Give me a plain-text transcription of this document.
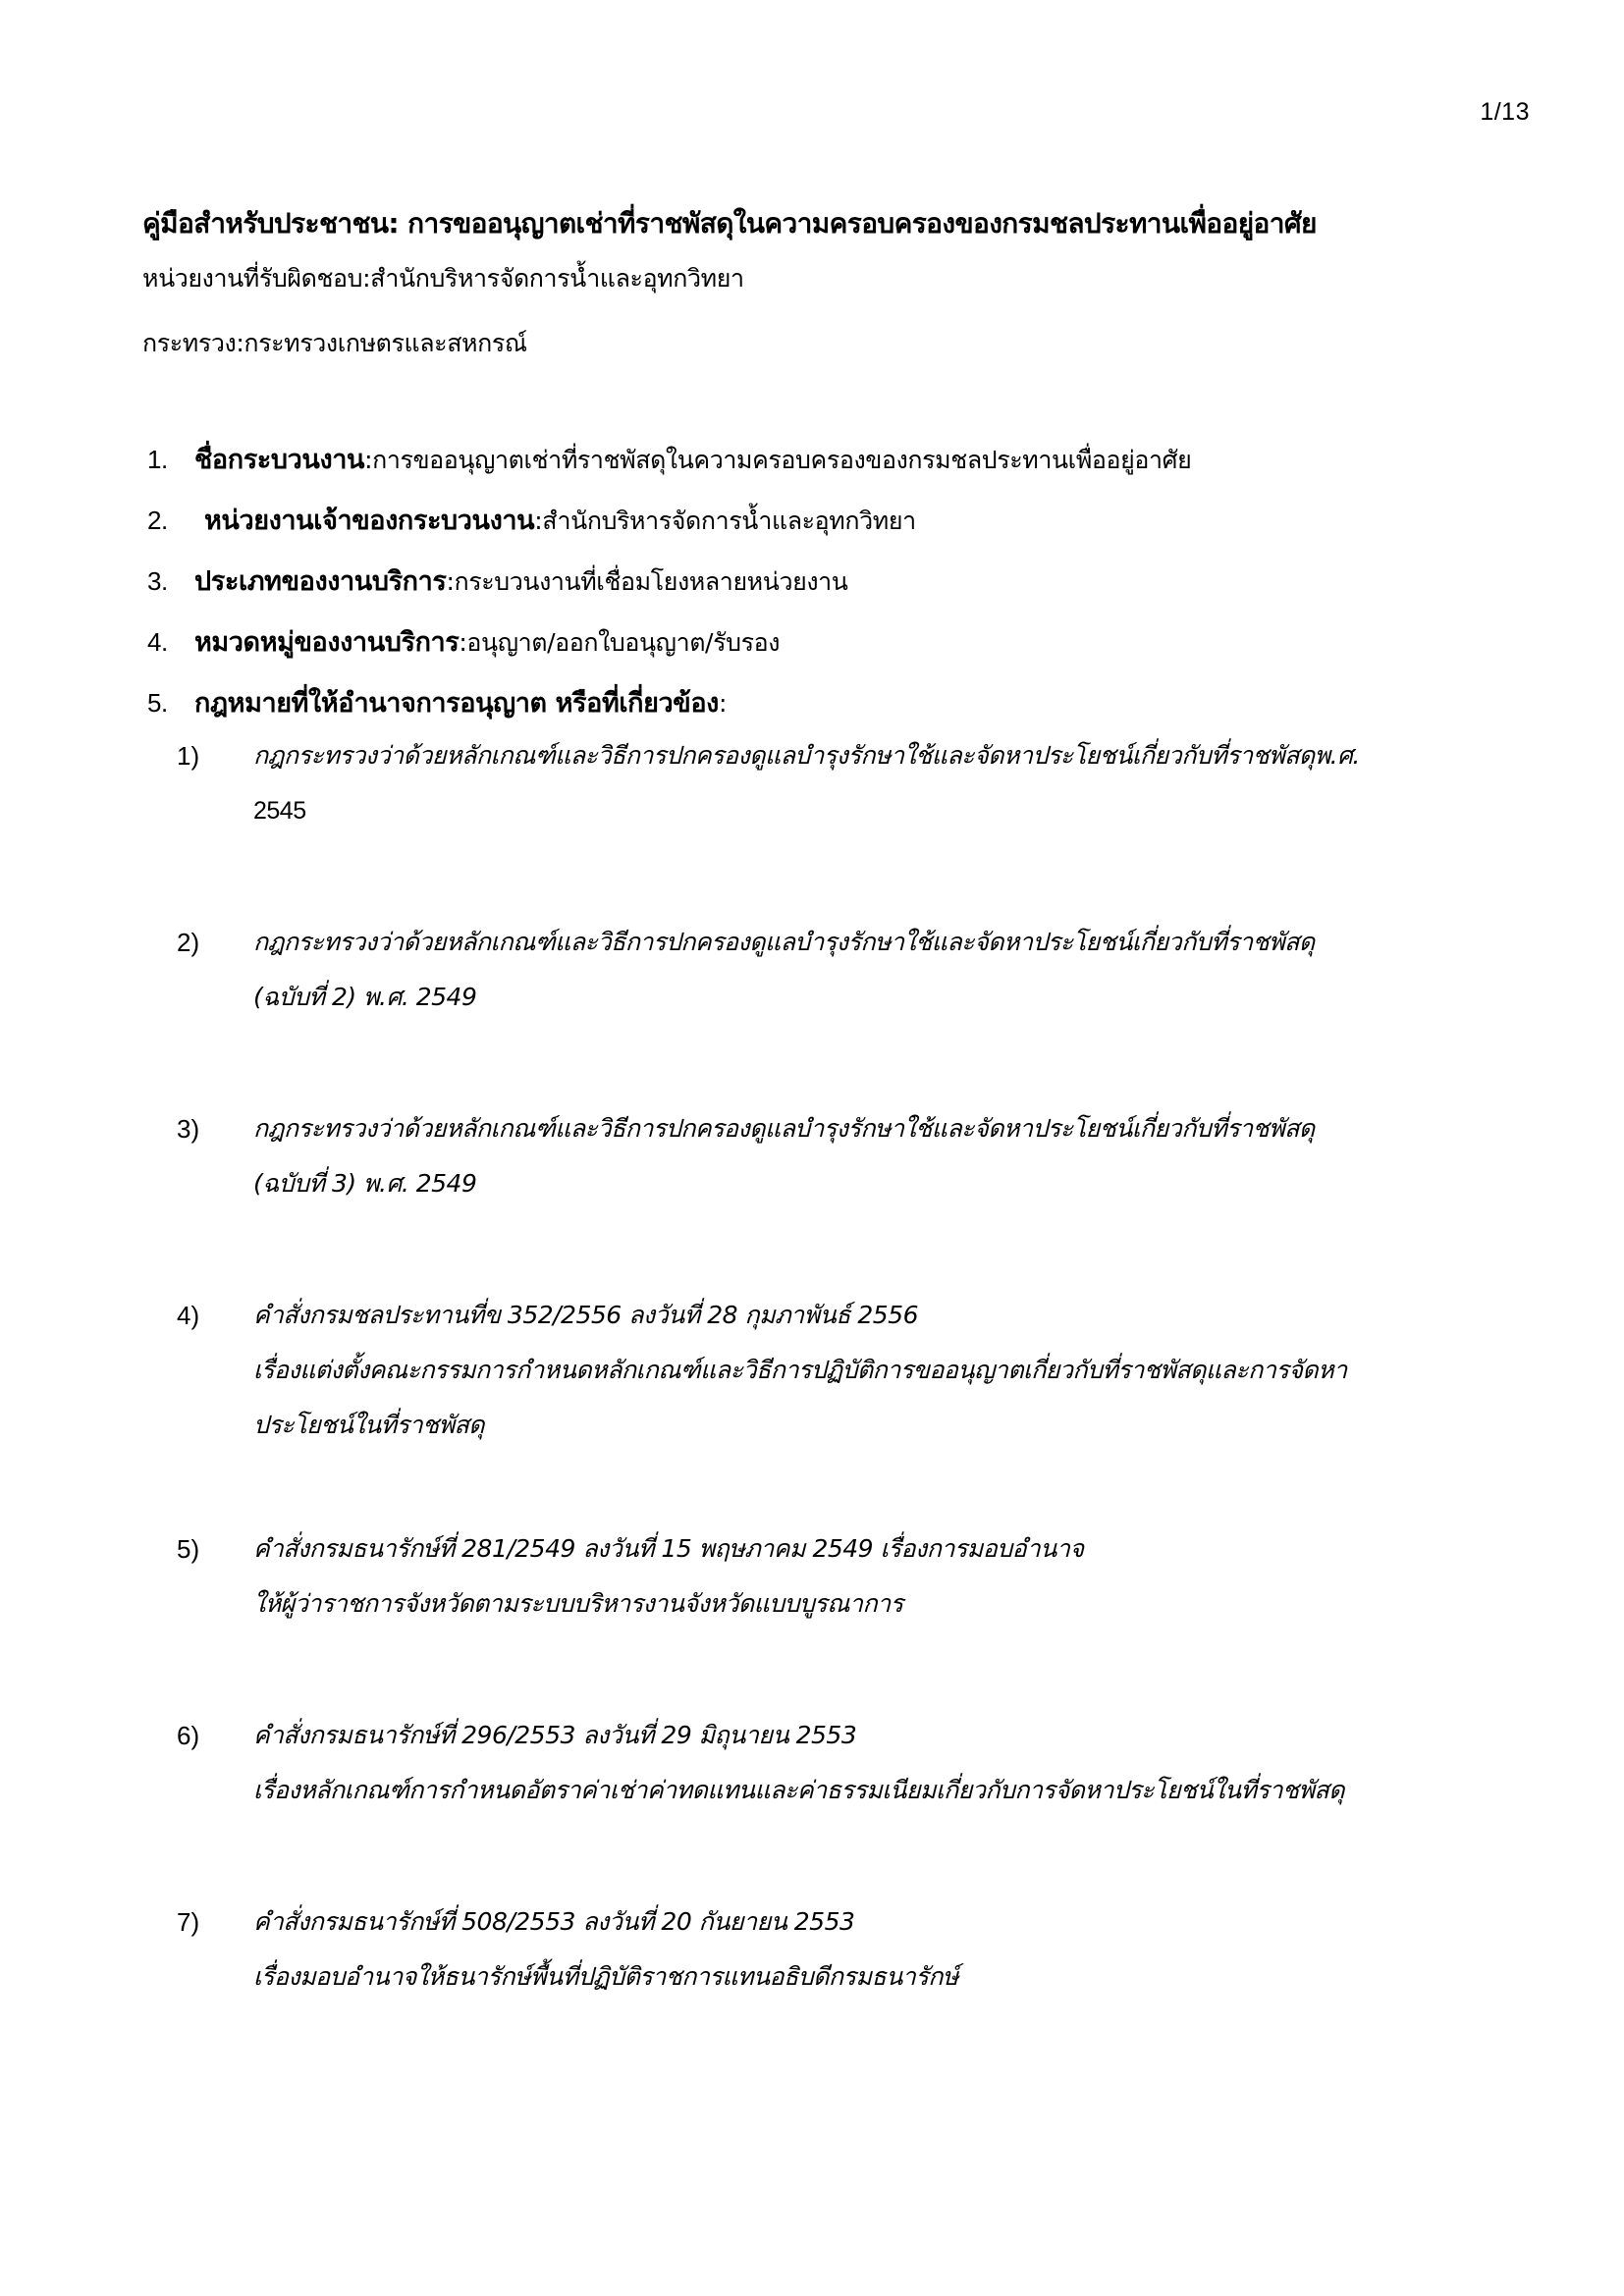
1/13
คู่มือสำหรับประชาชน: การขออนุญาตเช่าที่ราชพัสดุในความครอบครองของกรมชลประทานเพื่ออยู่อาศัย
หน่วยงานที่รับผิดชอบ:สำนักบริหารจัดการน้ำและอุทกวิทยา
กระทรวง:กระทรวงเกษตรและสหกรณ์
1.	ชื่อกระบวนงาน :การขออนุญาตเช่าที่ราชพัสดุในความครอบครองของกรมชลประทานเพื่ออยู่อาศัย
2.	หน่วยงานเจ้าของกระบวนงาน :สำนักบริหารจัดการน้ำและอุทกวิทยา
3.	ประเภทของงานบริการ :กระบวนงานที่เชื่อมโยงหลายหน่วยงาน
4.	หมวดหมู่ของงานบริการ :อนุญาต/ออกใบอนุญาต/รับรอง
5.	กฎหมายที่ให้อำนาจการอนุญาต หรือที่เกี่ยวข้อง :
1)	กฎกระทรวงว่าด้วยหลักเกณฑ์และวิธีการปกครองดูแลบำรุงรักษาใช้และจัดหาประโยชน์เกี่ยวกับที่ราชพัสดุพ.ศ.
2545
2)	กฎกระทรวงว่าด้วยหลักเกณฑ์และวิธีการปกครองดูแลบำรุงรักษาใช้และจัดหาประโยชน์เกี่ยวกับที่ราชพัสดุ
(ฉบับที่ 2) พ.ศ. 2549
3)	กฎกระทรวงว่าด้วยหลักเกณฑ์และวิธีการปกครองดูแลบำรุงรักษาใช้และจัดหาประโยชน์เกี่ยวกับที่ราชพัสดุ
(ฉบับที่ 3) พ.ศ. 2549
4)	คำสั่งกรมชลประทานที่ข 352/2556 ลงวันที่ 28 กุมภาพันธ์ 2556
เรื่องแต่งตั้งคณะกรรมการกำหนดหลักเกณฑ์และวิธีการปฏิบัติการขออนุญาตเกี่ยวกับที่ราชพัสดุและการจัดหา
ประโยชน์ในที่ราชพัสดุ
5)	คำสั่งกรมธนารักษ์ที่ 281/2549 ลงวันที่ 15 พฤษภาคม 2549 เรื่องการมอบอำนาจ
ให้ผู้ว่าราชการจังหวัดตามระบบบริหารงานจังหวัดแบบบูรณาการ
6)	คำสั่งกรมธนารักษ์ที่ 296/2553 ลงวันที่ 29 มิถุนายน 2553
เรื่องหลักเกณฑ์การกำหนดอัตราค่าเช่าค่าทดแทนและค่าธรรมเนียมเกี่ยวกับการจัดหาประโยชน์ในที่ราชพัสดุ
7)	คำสั่งกรมธนารักษ์ที่ 508/2553 ลงวันที่ 20 กันยายน 2553
เรื่องมอบอำนาจให้ธนารักษ์พื้นที่ปฏิบัติราชการแทนอธิบดีกรมธนารักษ์
